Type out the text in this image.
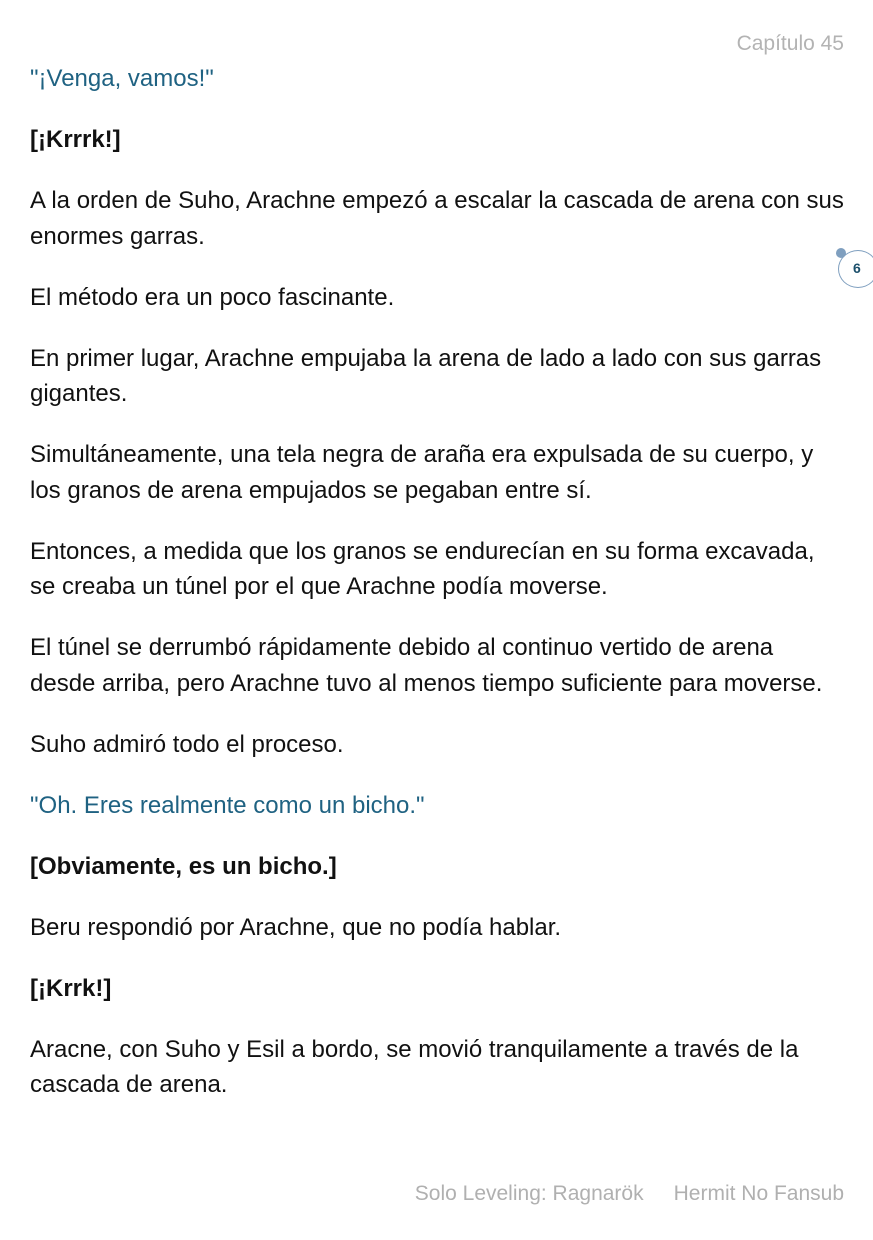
Capítulo 45
6

"¡Venga, vamos!"

[¡Krrrk!]

A la orden de Suho, Arachne empezó a escalar la cascada de arena con sus enormes garras.

El método era un poco fascinante.

En primer lugar, Arachne empujaba la arena de lado a lado con sus garras gigantes.

Simultáneamente, una tela negra de araña era expulsada de su cuerpo, y los granos de arena empujados se pegaban entre sí.

Entonces, a medida que los granos se endurecían en su forma excavada, se creaba un túnel por el que Arachne podía moverse.

El túnel se derrumbó rápidamente debido al continuo vertido de arena desde arriba, pero Arachne tuvo al menos tiempo suficiente para moverse.

Suho admiró todo el proceso.

"Oh. Eres realmente como un bicho."

[Obviamente, es un bicho.]

Beru respondió por Arachne, que no podía hablar.

[¡Krrk!]

Aracne, con Suho y Esil a bordo, se movió tranquilamente a través de la cascada de arena.

Solo Leveling: Ragnarök Hermit No Fansub
